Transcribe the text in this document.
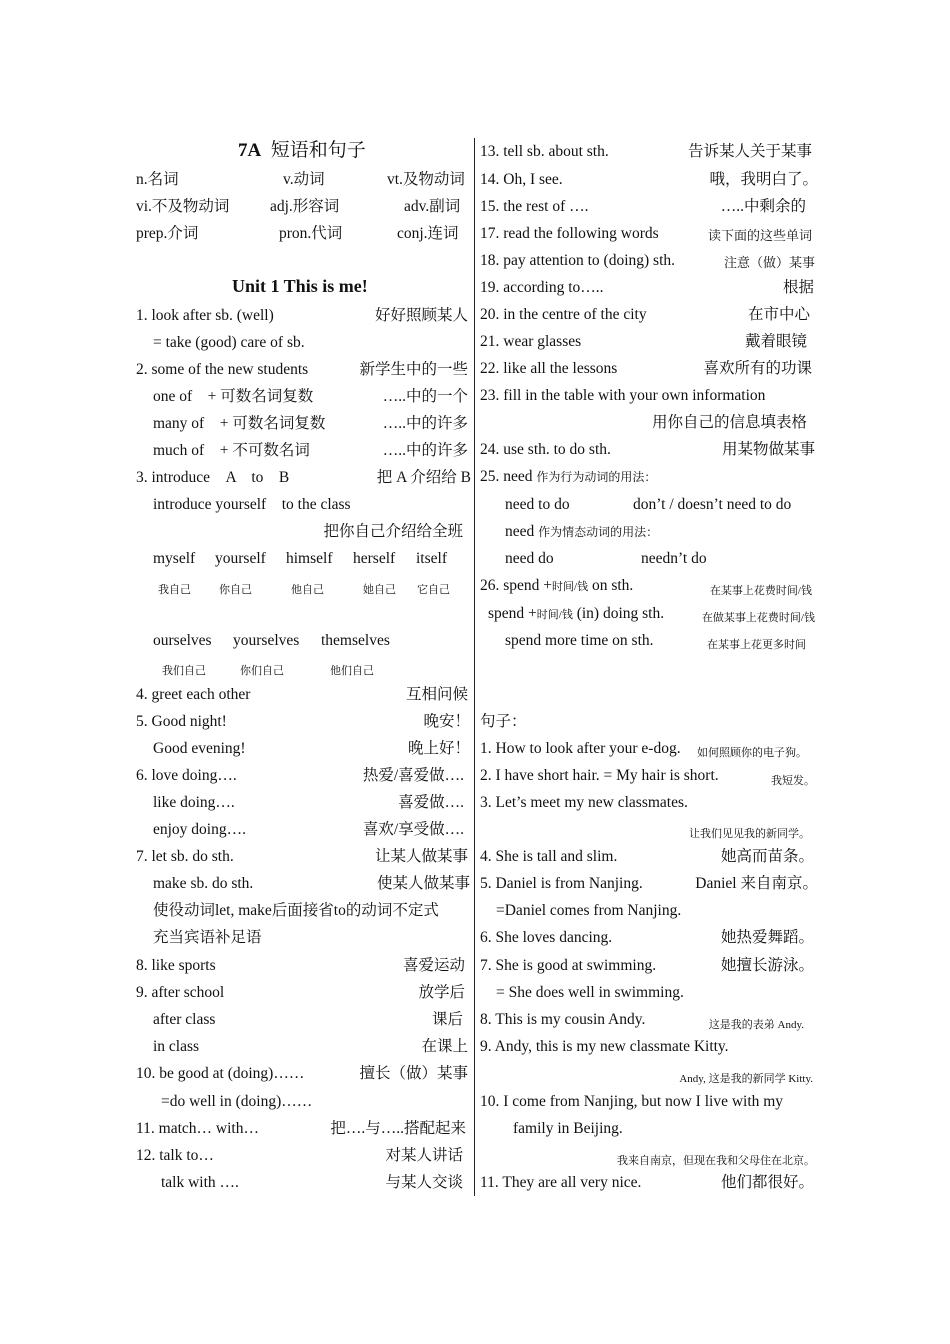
7A 短语和句子
n.名词	v.动词	vt.及物动词
vi.不及物动词	adj.形容词	adv.副词
prep.介词	pron.代词	conj.连词
Unit 1 This is me!
1. look after sb. (well)	好好照顾某人
= take (good) care of sb.
2. some of the new students	新学生中的一些
one of　+ 可数名词复数	…..中的一个
many of　+ 可数名词复数	…..中的许多
much of　+ 不可数名词	…..中的许多
3. introduce　A　to　B	把 A 介绍给 B
introduce yourself　to the class
把你自己介绍给全班
myself yourself himself herself itself
我自己	你自己	他自己	她自己 它自己
ourselves yourselves themselves
我们自己	你们自己	他们自己
4. greet each other	互相问候
5. Good night!	晚安！
Good evening!	晚上好！
6. love doing….	热爱/喜爱做….
like doing….	喜爱做….
enjoy doing….	喜欢/享受做….
7. let sb. do sth.	让某人做某事
make sb. do sth.	使某人做某事
使役动词let, make后面接省to的动词不定式
充当宾语补足语
8. like sports	喜爱运动
9. after school	放学后
after class	课后
in class	在课上
10. be good at (doing)……	擅长（做）某事
=do well in (doing)……
11. match… with…	把….与…..搭配起来
12. talk to…	对某人讲话
talk with ….	与某人交谈
13. tell sb. about sth.	告诉某人关于某事
14. Oh, I see.	哦，我明白了。
15. the rest of ….	…..中剩余的
17. read the following words	读下面的这些单词
18. pay attention to (doing) sth.	注意（做）某事
19. according to…..	根据
20. in the centre of the city	在市中心
21. wear glasses	戴着眼镜
22. like all the lessons	喜欢所有的功课
23. fill in the table with your own information
用你自己的信息填表格
24. use sth. to do sth.	用某物做某事
25. need 作为行为动词的用法：
need to do	don’t / doesn’t need to do
need 作为情态动词的用法：
need do	needn’t do
26. spend +时间/钱 on sth.	在某事上花费时间/钱
spend +时间/钱 (in) doing sth.	在做某事上花费时间/钱
spend more time on sth.	在某事上花更多时间
句子：
1. How to look after your e-dog. 如何照顾你的电子狗。
2. I have short hair. = My hair is short.	我短发。
3. Let’s meet my new classmates.
让我们见见我的新同学。
4. She is tall and slim.	她高而苗条。
5. Daniel is from Nanjing.	Daniel 来自南京。
=Daniel comes from Nanjing.
6. She loves dancing.	她热爱舞蹈。
7. She is good at swimming.	她擅长游泳。
= She does well in swimming.
8. This is my cousin Andy.	这是我的表弟 Andy.
9. Andy, this is my new classmate Kitty.
Andy, 这是我的新同学 Kitty.
10. I come from Nanjing, but now I live with my
family in Beijing.
我来自南京，但现在我和父母住在北京。
11. They are all very nice.	他们都很好。
